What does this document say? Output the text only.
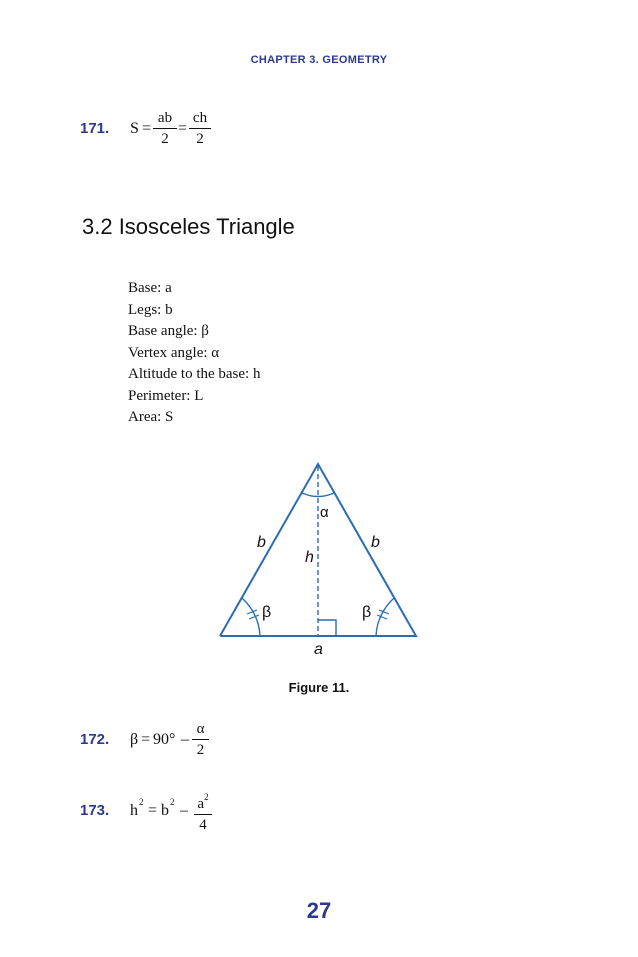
CHAPTER 3. GEOMETRY
171. S =
ab
2
=
ch
2
3.2 Isosceles Triangle
Base: a
Legs: b
Base angle: β
Vertex angle: α
Altitude to the base: h
Perimeter: L
Area: S
α
b	b
h
β	β
a
Figure 11.
172. β = 90° –
α
2
173. h 2 = b $2 - a^2$
4
27
